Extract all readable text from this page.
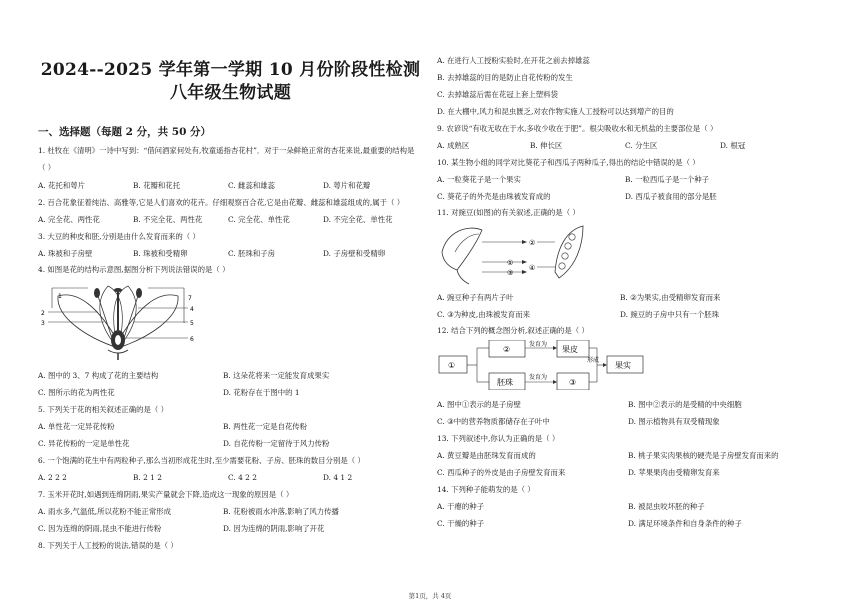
2024--2025 学年第一学期 10 月份阶段性检测
八年级生物试题
一、选择题（每题 2 分，共 50 分）
1. 杜牧在《清明》一诗中写到：“借问酒家何处有,牧童遥指杏花村”．对于一朵鲜艳正常的杏花来说,最重要的结构是
（ ）
A. 花托和萼片	B. 花瓣和花托	C. 雌蕊和雄蕊	D. 萼片和花瓣
2. 百合花象征着纯洁、高雅等,它是人们喜欢的花卉。仔细观察百合花,它是由花瓣、雌蕊和雄蕊组成的,属于（ ）
A. 完全花、两性花	B. 不完全花、两性花	C. 完全花、单性花	D. 不完全花、单性花
3. 大豆的种皮和胚,分别是由什么发育而来的（ ）
A. 珠被和子房壁	B. 珠被和受精卵	C. 胚珠和子房	D. 子房壁和受精卵
4. 如图是花的结构示意图,据图分析下列说法错误的是（ ）
1
2
3
4
5
6
7
A. 图中的 3、7 构成了花的主要结构	B. 这朵花将来一定能发育成果实
C. 图所示的花为两性花	D. 花粉存在于图中的 1
5. 下列关于花的相关叙述正确的是（ ）
A. 单性花一定异花传粉	B. 两性花一定是自花传粉
C. 异花传粉的一定是单性花	D. 自花传粉一定留待于风力传粉
6. 一个饱满的花生中有两粒种子,那么当初形成花生时,至少需要花粉、子房、胚珠的数目分别是（ ）
A. 2 2 2	B. 2 1 2	C. 4 2 2	D. 4 1 2
7. 玉米开花时,如遇到连绵阴雨,果实产量就会下降,造成这一现象的原因是（ ）
A. 雨水多,气温低,所以花粉不能正常形成	B. 花粉被雨水冲落,影响了风力传播
C. 因为连绵的阴雨,昆虫不能进行传粉	D. 因为连绵的阴雨,影响了开花
8. 下列关于人工授粉的说法,错误的是（ ）
A. 在进行人工授粉实验时,在开花之前去掉雄蕊
B. 去掉雄蕊的目的是防止自花传粉的发生
C. 去掉雄蕊后需在花冠上套上塑料袋
D. 在大棚中,风力和昆虫匮乏,对农作物实施人工授粉可以达到增产的目的
9. 农谚说“有收无收在于水,多收少收在于肥”。根尖吸收水和无机盐的主要部位是（ ）
A. 成熟区	B. 伸长区	C. 分生区	D. 根冠
10. 某生物小组的同学对比葵花子和西瓜子两种瓜子,得出的结论中错误的是（ ）
A. 一粒葵花子是一个果实	B. 一粒西瓜子是一个种子
C. 葵花子的外壳是由珠被发育成的	D. 西瓜子被食用的部分是胚
11. 对豌豆(如图)的有关叙述,正确的是（ ）
①
②
③
④
A. 豌豆种子有两片子叶	B. ②为果实,由受精卵发育而来
C. ③为种皮,由珠被发育而来	D. 豌豆的子房中只有一个胚珠
12. 结合下列的概念图分析,叙述正确的是（ ）
①
②	果皮
胚珠	③
果实
发育为
形成
发育为
A. 图中①表示的是子房壁	B. 图中②表示的是受精的中央细胞
C. ③中的营养物质都储存在子叶中	D. 图示植物具有双受精现象
13. 下列叙述中,你认为正确的是（ ）
A. 黄豆瓣是由胚珠发育而成的	B. 桃子果实肉果核的硬壳是子房壁发育而来的
C. 西瓜种子的外皮是由子房壁发育而来	D. 苹果果肉由受精卵发育来
14. 下列种子能萌发的是（ ）
A. 干瘪的种子	B. 被昆虫咬坏胚的种子
C. 干燥的种子	D. 满足环境条件和自身条件的种子
第1页，共 4页
